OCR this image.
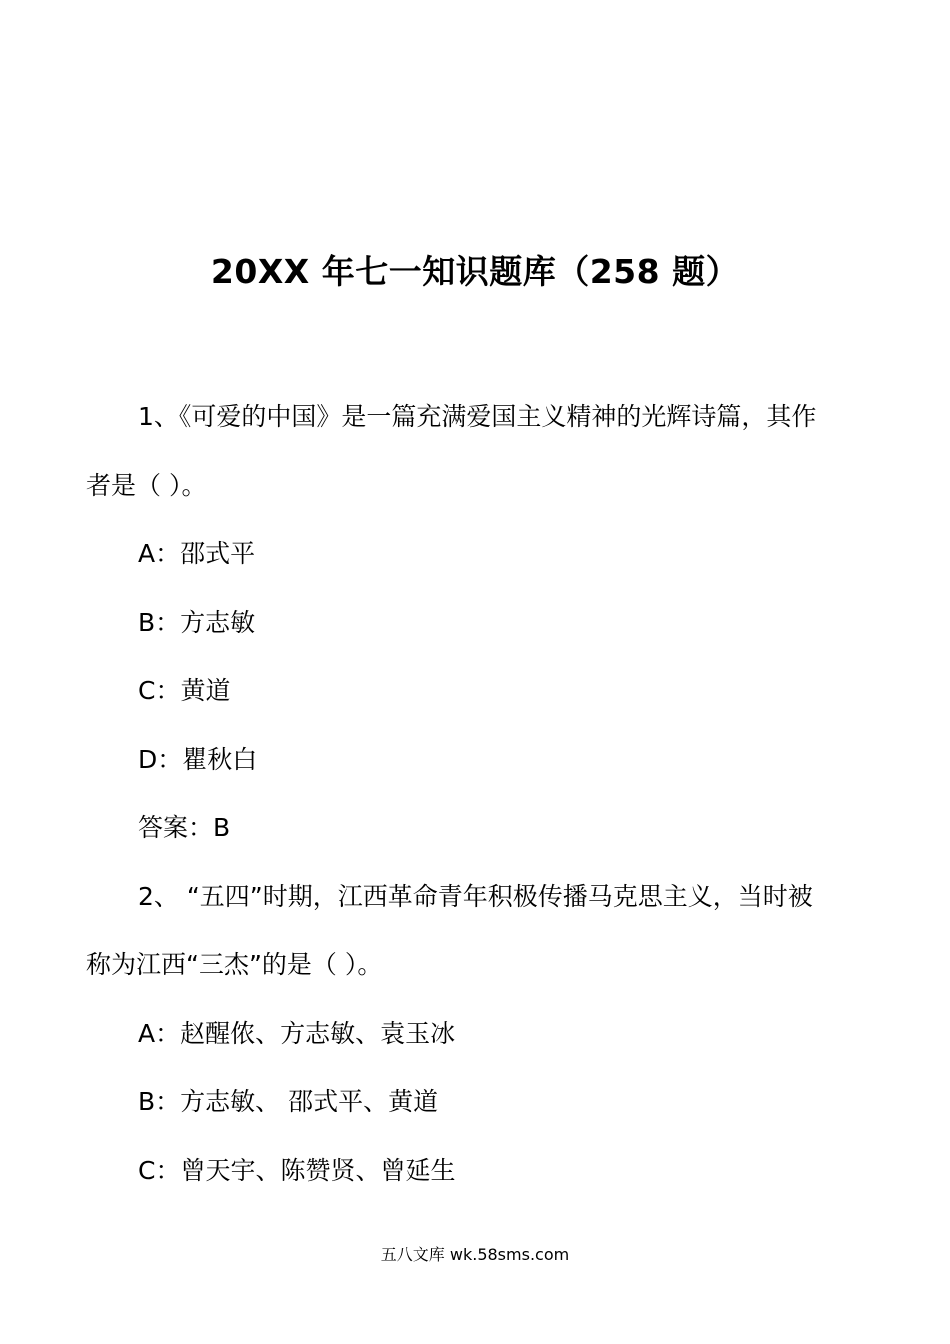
20XX 年七一知识题库（258 题）
1、《可爱的中国》是一篇充满爱国主义精神的光辉诗篇，其作
者是（ ）。
A：邵式平
B：方志敏
C：黄道
D：瞿秋白
答案：B
2、 “五四”时期，江西革命青年积极传播马克思主义，当时被
称为江西“三杰”的是（ ）。
A：赵醒侬、方志敏、袁玉冰
B：方志敏、 邵式平、黄道
C：曾天宇、陈赞贤、曾延生
五八文库 wk.58sms.com
